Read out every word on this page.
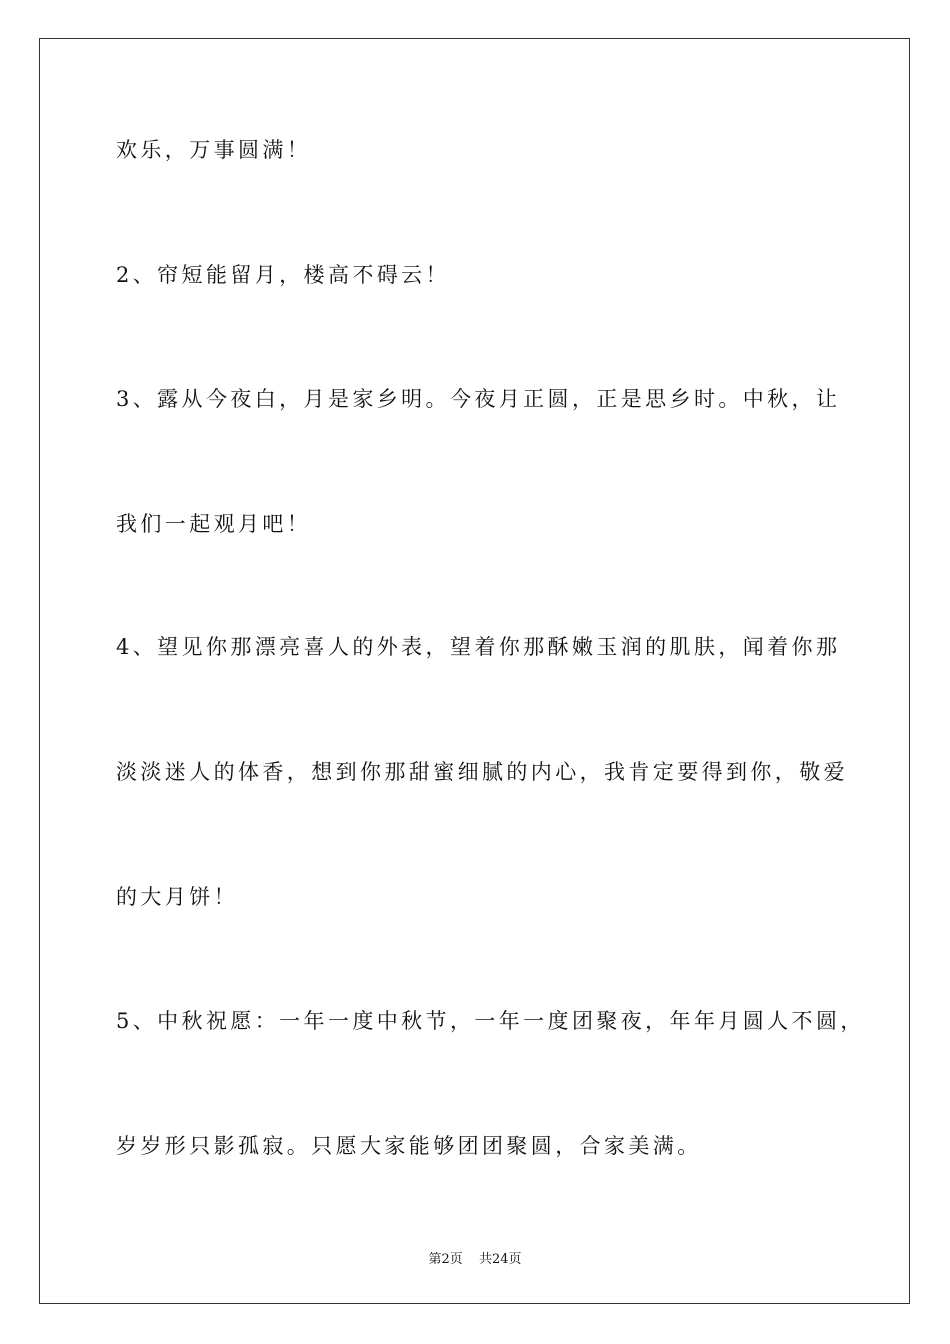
欢乐，万事圆满！
2、帘短能留月，楼高不碍云！
3、露从今夜白，月是家乡明。今夜月正圆，正是思乡时。中秋，让
我们一起观月吧！
4、望见你那漂亮喜人的外表，望着你那酥嫩玉润的肌肤，闻着你那
淡淡迷人的体香，想到你那甜蜜细腻的内心，我肯定要得到你，敬爱
的大月饼！
5、中秋祝愿：一年一度中秋节，一年一度团聚夜，年年月圆人不圆，
岁岁形只影孤寂。只愿大家能够团团聚圆，合家美满。
第2页 共24页
